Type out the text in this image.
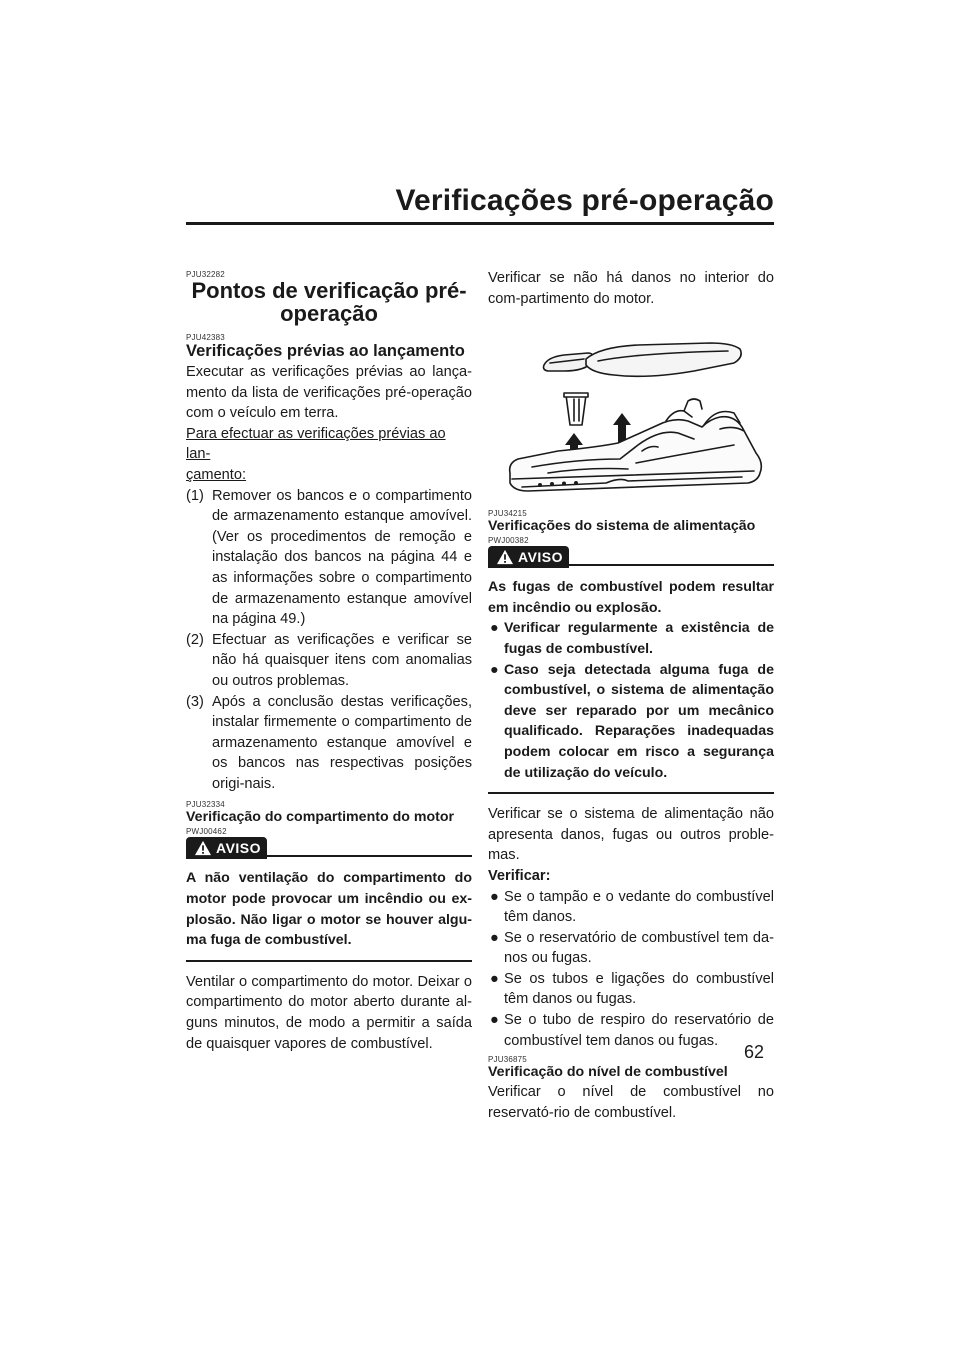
Verificações pré-operação
62
PJU32282
Pontos de verificação pré-
operação
PJU42383
Verificações prévias ao lançamento

Executar as verificações prévias ao lança-mento da lista de verificações pré-operação com o veículo em terra.

Para efectuar as verificações prévias ao lan-
çamento:
(1) Remover os bancos e o compartimento de armazenamento estanque amovível. (Ver os procedimentos de remoção e instalação dos bancos na página 44 e as informações sobre o compartimento de armazenamento estanque amovível na página 49.)
(2) Efectuar as verificações e verificar se não há quaisquer itens com anomalias ou outros problemas.
(3) Após a conclusão destas verificações, instalar firmemente o compartimento de armazenamento estanque amovível e os bancos nas respectivas posições origi-nais.
PJU32334
Verificação do compartimento do motor
PWJ00462
AVISO

A não ventilação do compartimento do motor pode provocar um incêndio ou ex-plosão. Não ligar o motor se houver algu-ma fuga de combustível.

Ventilar o compartimento do motor. Deixar o compartimento do motor aberto durante al-guns minutos, de modo a permitir a saída de quaisquer vapores de combustível.

Verificar se não há danos no interior do com-partimento do motor.

PJU34215
Verificações do sistema de alimentação
PWJ00382
AVISO

As fugas de combustível podem resultar em incêndio ou explosão.

● Verificar regularmente a existência de fugas de combustível.
● Caso seja detectada alguma fuga de combustível, o sistema de alimentação deve ser reparado por um mecânico qualificado. Reparações inadequadas podem colocar em risco a segurança de utilização do veículo.

Verificar se o sistema de alimentação não apresenta danos, fugas ou outros proble-mas.

Verificar:
● Se o tampão e o vedante do combustível têm danos.
● Se o reservatório de combustível tem da-nos ou fugas.
● Se os tubos e ligações do combustível têm danos ou fugas.
● Se o tubo de respiro do reservatório de combustível tem danos ou fugas.
PJU36875
Verificação do nível de combustível

Verificar o nível de combustível no reservató-rio de combustível.
